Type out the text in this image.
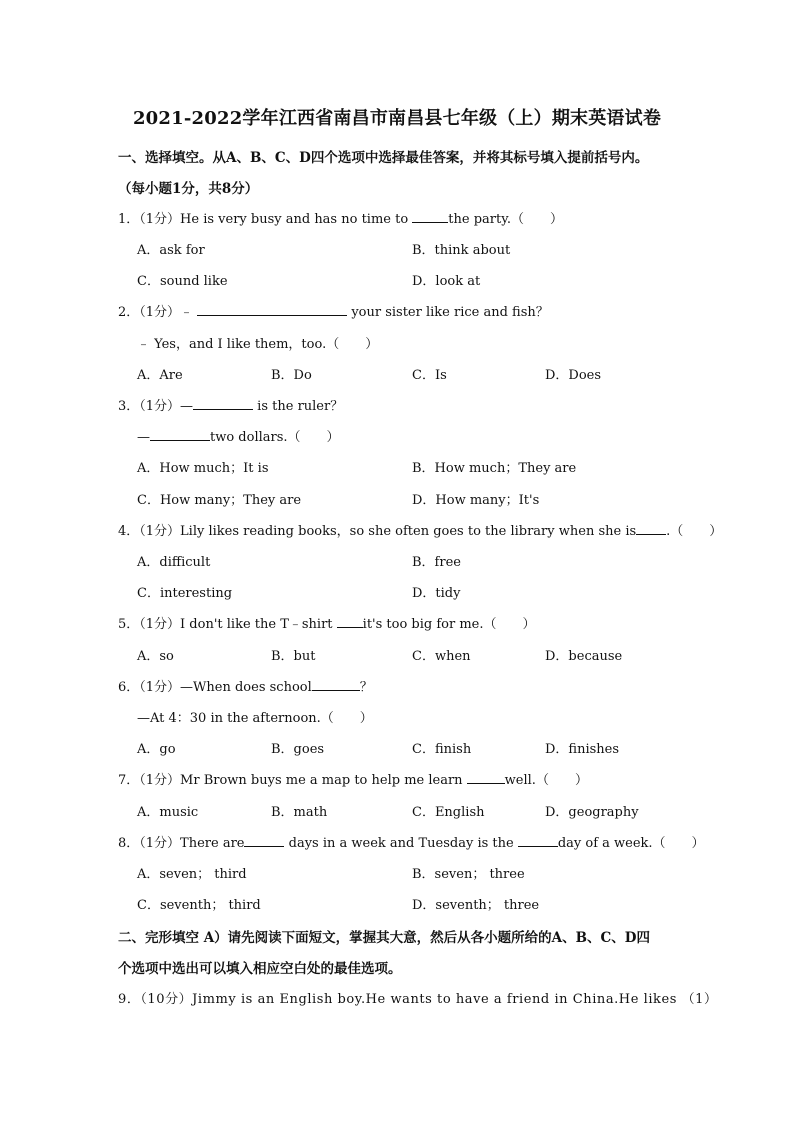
2021-2022学年江西省南昌市南昌县七年级（上）期末英语试卷
一、选择填空。从A、B、C、D四个选项中选择最佳答案，并将其标号填入提前括号内。
（每小题1分，共8分）
1．（1分）He is very busy and has no time to	the party.（　　）
A．ask for	B．think about
C．sound like	D．look at
2．（1分）﹣	your sister like rice and fish？
﹣ Yes，and I like them，too.（　　）
A．Are	B．Do	C．Is	D．Does
3．（1分）—	is the ruler？
—	two dollars.（　　）
A．How much；It is	B．How much；They are
C．How many；They are	D．How many；It's
4．（1分）Lily likes reading books，so she often goes to the library when she is .（　　）
A．difficult	B．free
C．interesting	D．tidy
5．（1分）I don't like the T﹣shirt it's too big for me.（　　）
A．so	B．but	C．when	D．because
6．（1分）—When does school	？
—At 4：30 in the afternoon.（　　）
A．go	B．goes	C．finish	D．finishes
7．（1分）Mr Brown buys me a map to help me learn	well.（　　）
A．music	B．math	C．English	D．geography
8．（1分）There are	days in a week and Tuesday is the	day of a week.（　　）
A．seven； third	B．seven； three
C．seventh； third	D．seventh； three
二、完形填空 A）请先阅读下面短文，掌握其大意，然后从各小题所给的A、B、C、D四
个选项中选出可以填入相应空白处的最佳选项。
9．（10分）Jimmy is an English boy.He wants to have a friend in China.He likes （1）
